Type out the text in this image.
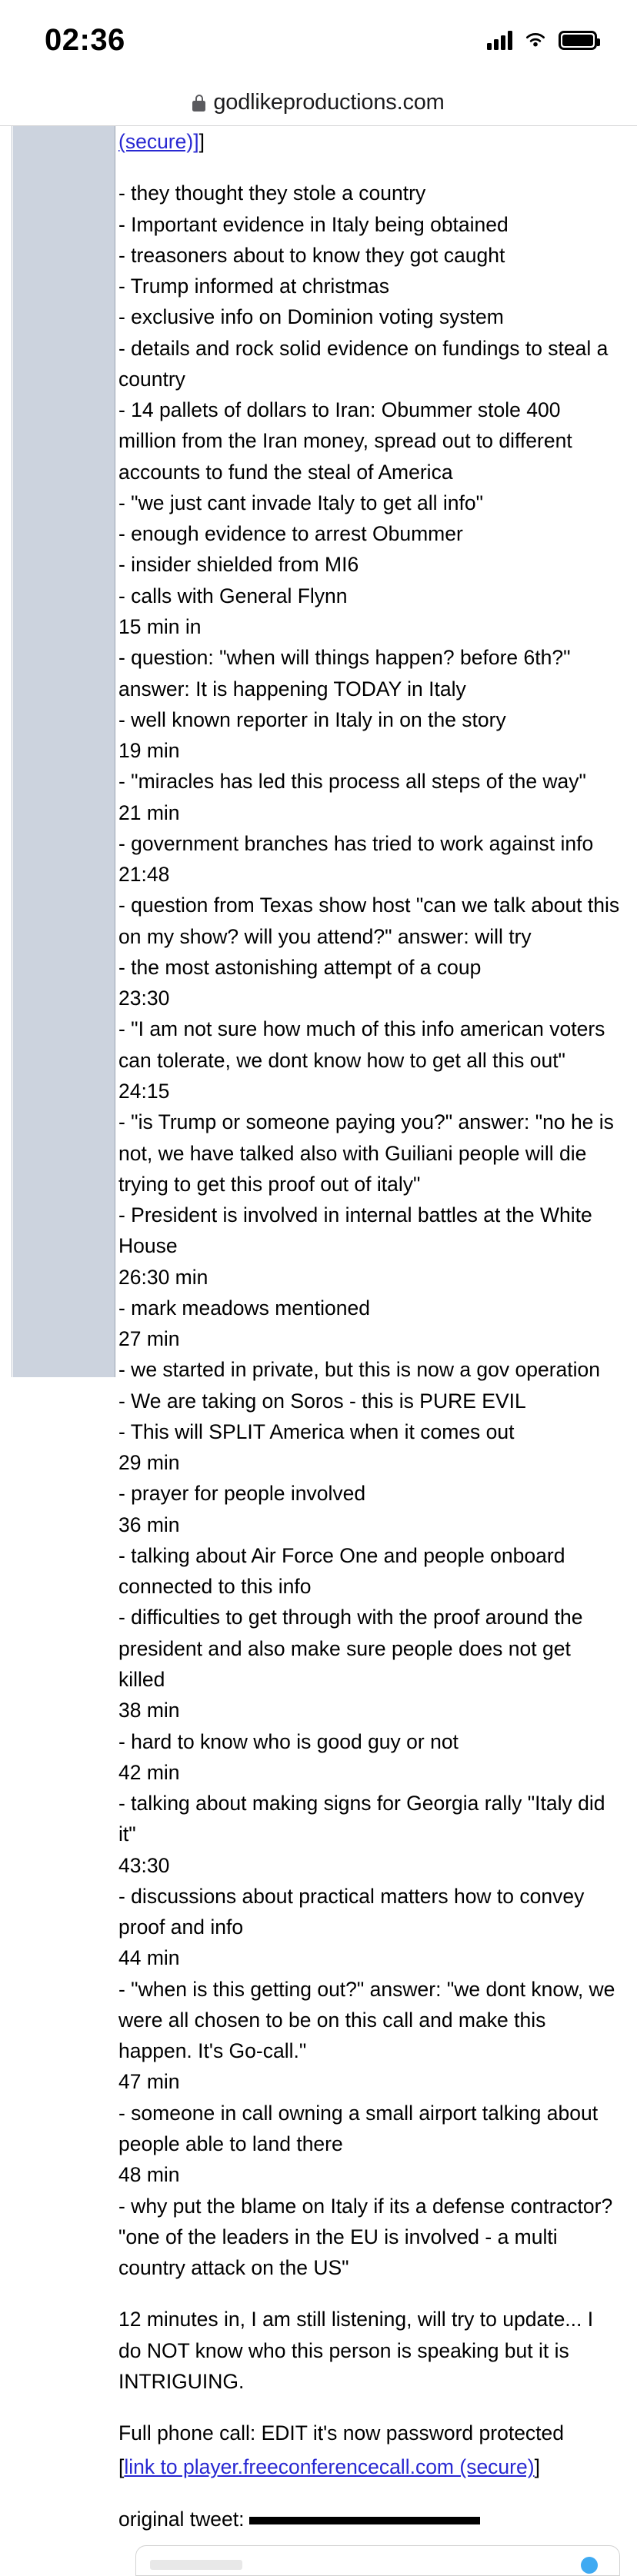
02:36
godlikeproductions.com
(secure)]]

- they thought they stole a country

- Important evidence in Italy being obtained

- treasoners about to know they got caught

- Trump informed at christmas

- exclusive info on Dominion voting system

- details and rock solid evidence on fundings to steal a country

- 14 pallets of dollars to Iran: Obummer stole 400 million from the Iran money, spread out to different accounts to fund the steal of America

- "we just cant invade Italy to get all info"

- enough evidence to arrest Obummer

- insider shielded from MI6

- calls with General Flynn

15 min in

- question: "when will things happen? before 6th?" answer: It is happening TODAY in Italy

- well known reporter in Italy in on the story

19 min

- "miracles has led this process all steps of the way"

21 min

- government branches has tried to work against info

21:48

- question from Texas show host "can we talk about this on my show? will you attend?" answer: will try

- the most astonishing attempt of a coup

23:30

- "I am not sure how much of this info american voters can tolerate, we dont know how to get all this out"

24:15

- "is Trump or someone paying you?" answer: "no he is not, we have talked also with Guiliani people will die trying to get this proof out of italy"

- President is involved in internal battles at the White House

26:30 min

- mark meadows mentioned

27 min

- we started in private, but this is now a gov operation

- We are taking on Soros - this is PURE EVIL

- This will SPLIT America when it comes out

29 min

- prayer for people involved

36 min

- talking about Air Force One and people onboard connected to this info

- difficulties to get through with the proof around the president and also make sure people does not get killed

38 min

- hard to know who is good guy or not

42 min

- talking about making signs for Georgia rally "Italy did it"

43:30

- discussions about practical matters how to convey proof and info

44 min

- "when is this getting out?" answer: "we dont know, we were all chosen to be on this call and make this happen. It's Go-call."

47 min

- someone in call owning a small airport talking about people able to land there

48 min

- why put the blame on Italy if its a defense contractor? "one of the leaders in the EU is involved - a multi country attack on the US"

12 minutes in, I am still listening, will try to update... I do NOT know who this person is speaking but it is INTRIGUING.

Full phone call: EDIT it's now password protected

[link to player.freeconferencecall.com (secure)]

original tweet:
